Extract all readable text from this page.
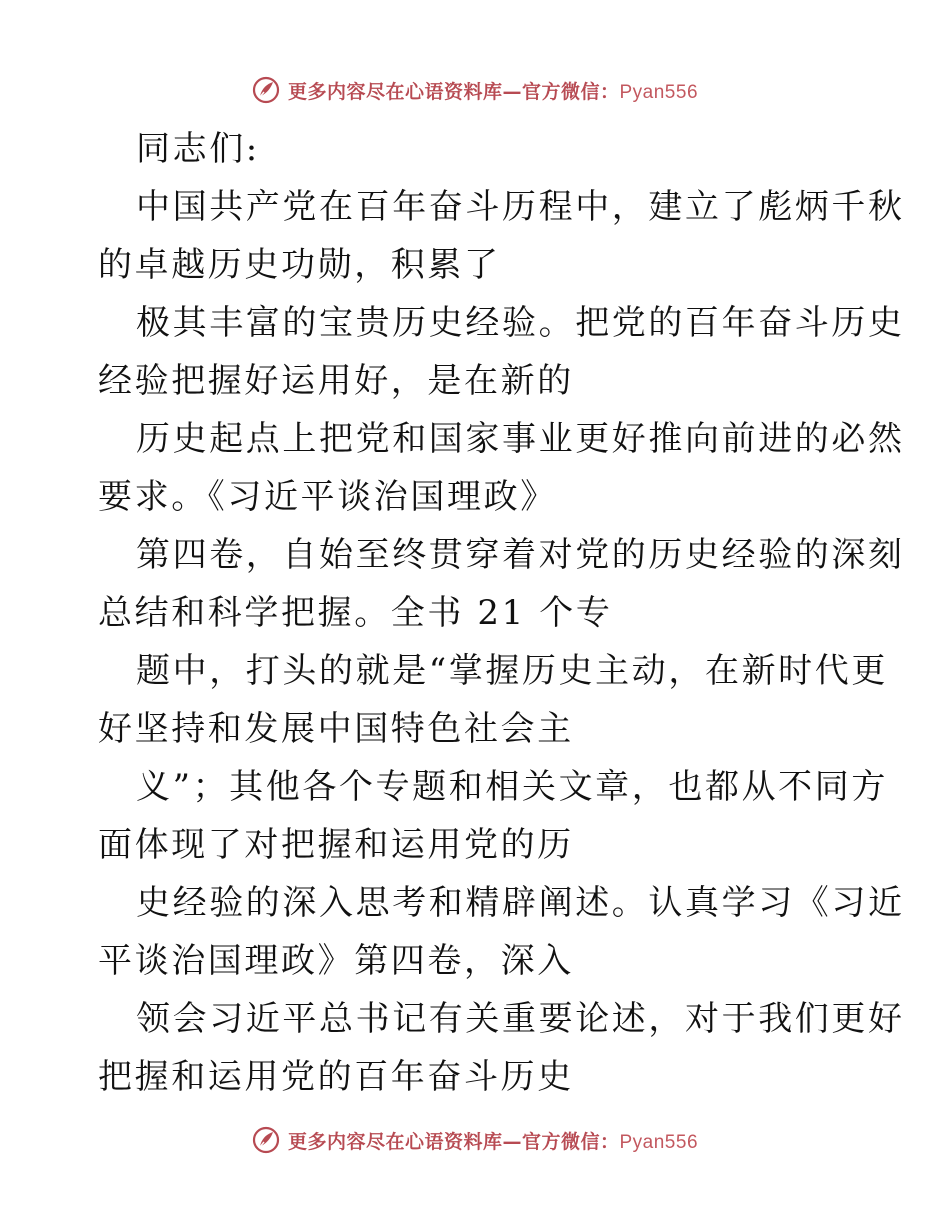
更多内容尽在心语资料库—官方微信：Pyan556
同志们:
中国共产党在百年奋斗历程中，建立了彪炳千秋
的卓越历史功勋，积累了
极其丰富的宝贵历史经验。把党的百年奋斗历史
经验把握好运用好，是在新的
历史起点上把党和国家事业更好推向前进的必然
要求。《习近平谈治国理政》
第四卷，自始至终贯穿着对党的历史经验的深刻
总结和科学把握。全书 21 个专
题中，打头的就是“掌握历史主动，在新时代更
好坚持和发展中国特色社会主
义”；其他各个专题和相关文章，也都从不同方
面体现了对把握和运用党的历
史经验的深入思考和精辟阐述。认真学习《习近
平谈治国理政》第四卷，深入
领会习近平总书记有关重要论述，对于我们更好
把握和运用党的百年奋斗历史
更多内容尽在心语资料库—官方微信：Pyan556
